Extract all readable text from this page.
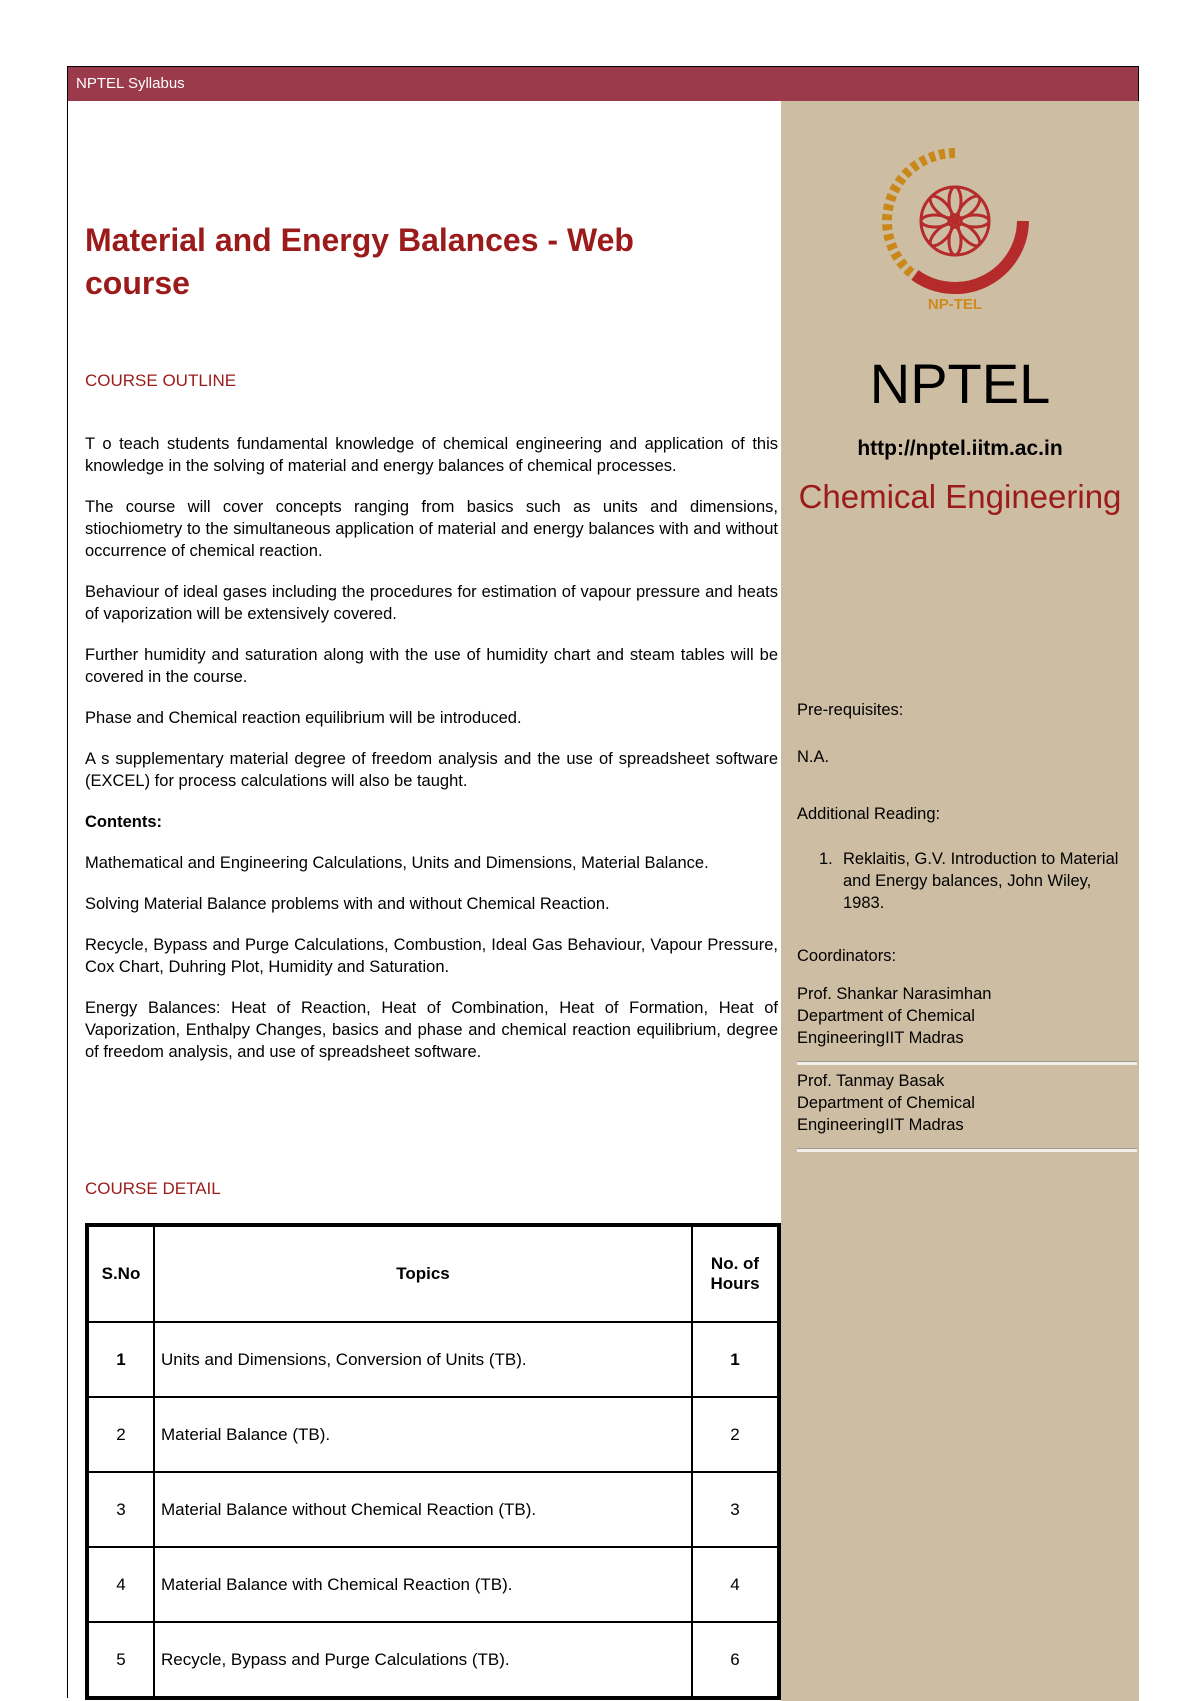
NPTEL Syllabus
Material and Energy Balances - Web course
COURSE OUTLINE

T o teach students fundamental knowledge of chemical engineering and application of this knowledge in the solving of material and energy balances of chemical processes.

The course will cover concepts ranging from basics such as units and dimensions, stiochiometry to the simultaneous application of material and energy balances with and without occurrence of chemical reaction.

Behaviour of ideal gases including the procedures for estimation of vapour pressure and heats of vaporization will be extensively covered.

Further humidity and saturation along with the use of humidity chart and steam tables will be covered in the course.

Phase and Chemical reaction equilibrium will be introduced.

A s supplementary material degree of freedom analysis and the use of spreadsheet software (EXCEL) for process calculations will also be taught.

Contents:

Mathematical and Engineering Calculations, Units and Dimensions, Material Balance.

Solving Material Balance problems with and without Chemical Reaction.

Recycle, Bypass and Purge Calculations, Combustion, Ideal Gas Behaviour, Vapour Pressure, Cox Chart, Duhring Plot, Humidity and Saturation.

Energy Balances: Heat of Reaction, Heat of Combination, Heat of Formation, Heat of Vaporization, Enthalpy Changes, basics and phase and chemical reaction equilibrium, degree of freedom analysis, and use of spreadsheet software.

COURSE DETAIL
S.No	Topics	No. of Hours
1	Units and Dimensions, Conversion of Units (TB).	1
2	Material Balance (TB).	2
3	Material Balance without Chemical Reaction (TB).	3
4	Material Balance with Chemical Reaction (TB).	4
5	Recycle, Bypass and Purge Calculations (TB).	6
NP-TEL
NPTEL
http://nptel.iitm.ac.in
Chemical Engineering
Pre-requisites:
N.A.
Additional Reading:
1. Reklaitis, G.V. Introduction to Material and Energy balances, John Wiley, 1983.
Coordinators:
Prof. Shankar Narasimhan
Department of Chemical EngineeringIIT Madras
Prof. Tanmay Basak
Department of Chemical EngineeringIIT Madras
